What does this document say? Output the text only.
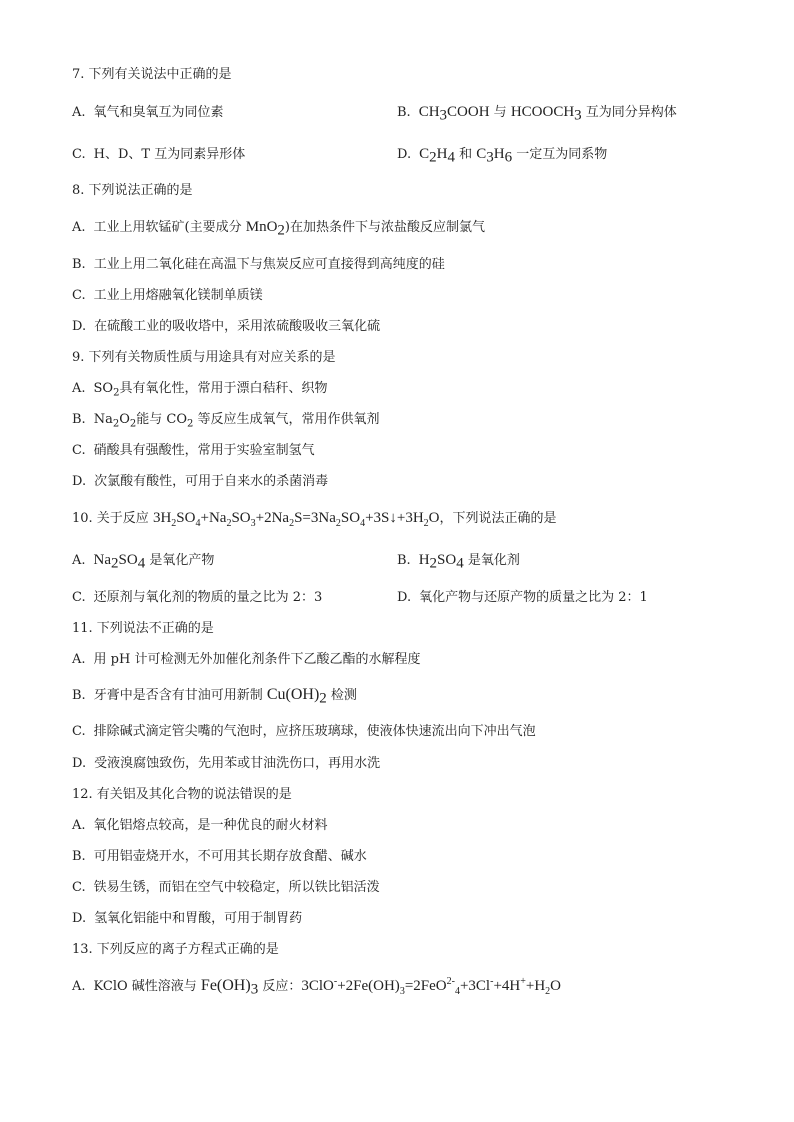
7. 下列有关说法中正确的是
A. 氧气和臭氧互为同位素	B. $CH_3COOH$ 与 $HCOOCH_3$ 互为同分异构体
C. H、D、T 互为同素异形体	D. $C_2H_4$ 和 $C_3H_6$ 一定互为同系物
8. 下列说法正确的是
A. 工业上用软锰矿(主要成分 MnO$_2$)在加热条件下与浓盐酸反应制氯气
B. 工业上用二氧化硅在高温下与焦炭反应可直接得到高纯度的硅
C. 工业上用熔融氧化镁制单质镁
D. 在硫酸工业的吸收塔中，采用浓硫酸吸收三氧化硫
9. 下列有关物质性质与用途具有对应关系的是
A. $SO_2$具有氧化性，常用于漂白秸秆、织物
B. $Na_2O_2$能与 $CO_2$ 等反应生成氧气，常用作供氧剂
C. 硝酸具有强酸性，常用于实验室制氢气
D. 次氯酸有酸性，可用于自来水的杀菌消毒
10. 关于反应 $3H_2SO_4+Na_2SO_3+2Na_2S=3Na_2SO_4+3S↓+3H_2O$，下列说法正确的是
A. $Na_2SO_4$ 是氧化产物	B. $H_2SO_4$ 是氧化剂
C. 还原剂与氧化剂的物质的量之比为 2：3	D. 氧化产物与还原产物的质量之比为 2：1
11. 下列说法不正确的是
A. 用 pH 计可检测无外加催化剂条件下乙酸乙酯的水解程度
B. 牙膏中是否含有甘油可用新制 $Cu(OH)_2$ 检测
C. 排除碱式滴定管尖嘴的气泡时，应挤压玻璃球，使液体快速流出向下冲出气泡
D. 受液溴腐蚀致伤，先用苯或甘油洗伤口，再用水洗
12. 有关铝及其化合物的说法错误的是
A. 氧化铝熔点较高，是一种优良的耐火材料
B. 可用铝壶烧开水，不可用其长期存放食醋、碱水
C. 铁易生锈，而铝在空气中较稳定，所以铁比铝活泼
D. 氢氧化铝能中和胃酸，可用于制胃药
13. 下列反应的离子方程式正确的是
A. KClO 碱性溶液与 $Fe(OH)_3$ 反应：$3ClO^-+2Fe(OH)_3=2FeO^{2-}_4+3Cl^-+4H^++H_2O$
